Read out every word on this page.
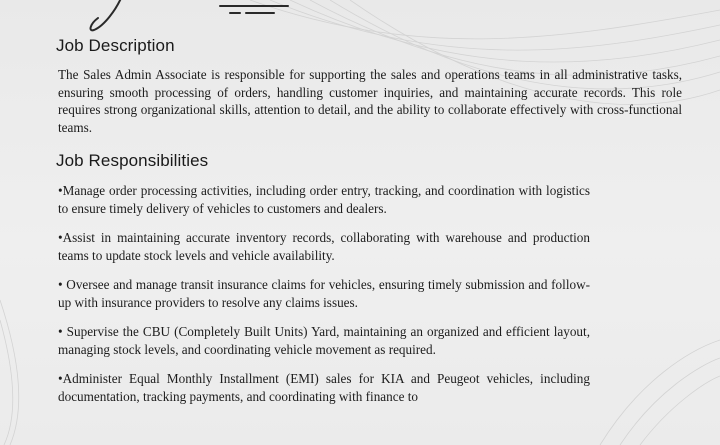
Job Description

The Sales Admin Associate is responsible for supporting the sales and operations teams in all administrative tasks, ensuring smooth processing of orders, handling customer inquiries, and maintaining accurate records. This role requires strong organizational skills, attention to detail, and the ability to collaborate effectively with cross-functional teams.

Job Responsibilities
•Manage order processing activities, including order entry, tracking, and coordination with logistics to ensure timely delivery of vehicles to customers and dealers.
•Assist in maintaining accurate inventory records, collaborating with warehouse and production teams to update stock levels and vehicle availability.
• Oversee and manage transit insurance claims for vehicles, ensuring timely submission and follow-up with insurance providers to resolve any claims issues.
• Supervise the CBU (Completely Built Units) Yard, maintaining an organized and efficient layout, managing stock levels, and coordinating vehicle movement as required.
•Administer Equal Monthly Installment (EMI) sales for KIA and Peugeot vehicles, including documentation, tracking payments, and coordinating with finance to
